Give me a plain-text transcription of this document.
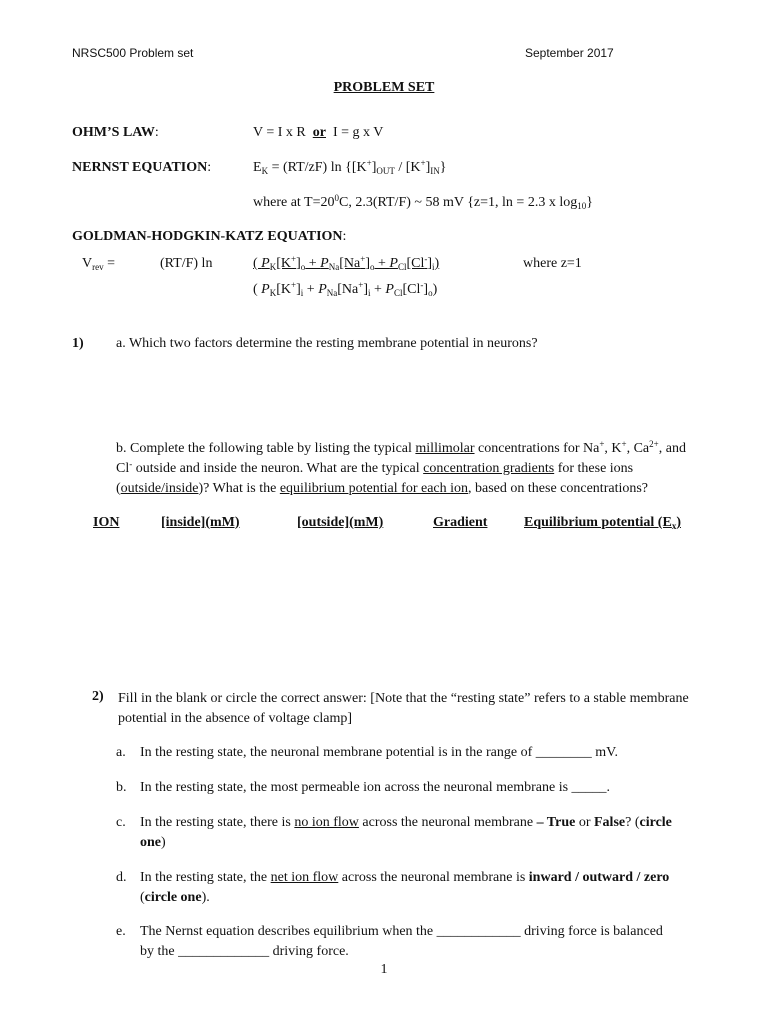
NRSC500 Problem set	September 2017
PROBLEM SET
OHM’S LAW:	V = I x R or I = g x V
NERNST EQUATION:	$E_K = (RT/zF)$ $\ln \{[K^+]_{OUT} / [K^+]_{IN}\}$
where at $T=20^0C$, 2.3(RT/F) ~ 58 mV {z=1, ln = 2.3 x $\log_{10}$}
GOLDMAN-HODGKIN-KATZ EQUATION:
$V_{rev}$ =	(RT/F) ln	( $P_K[K^+]_o + P_{Na}[Na^+]_o + P_{Cl}[Cl^-]_i$)	where z=1
( $P_K[K^+]_i + P_{Na}[Na^+]_i + P_{Cl}[Cl^-]_o$)
1) a. Which two factors determine the resting membrane potential in neurons?
b. Complete the following table by listing the typical millimolar concentrations for Na+, K+, $Ca^{2+}$, and Cl- outside and inside the neuron. What are the typical concentration gradients for these ions (outside/inside)? What is the equilibrium potential for each ion, based on these concentrations?
ION	[inside](mM)	[outside](mM)	Gradient	Equilibrium potential $(E_x)$
2) Fill in the blank or circle the correct answer: [Note that the “resting state” refers to a stable membrane potential in the absence of voltage clamp]
a. In the resting state, the neuronal membrane potential is in the range of ________ mV.
b. In the resting state, the most permeable ion across the neuronal membrane is _____.
c. In the resting state, there is no ion flow across the neuronal membrane – True or False? (circle one)
d. In the resting state, the net ion flow across the neuronal membrane is inward / outward / zero (circle one).
e. The Nernst equation describes equilibrium when the ____________ driving force is balanced by the _____________ driving force.
1
